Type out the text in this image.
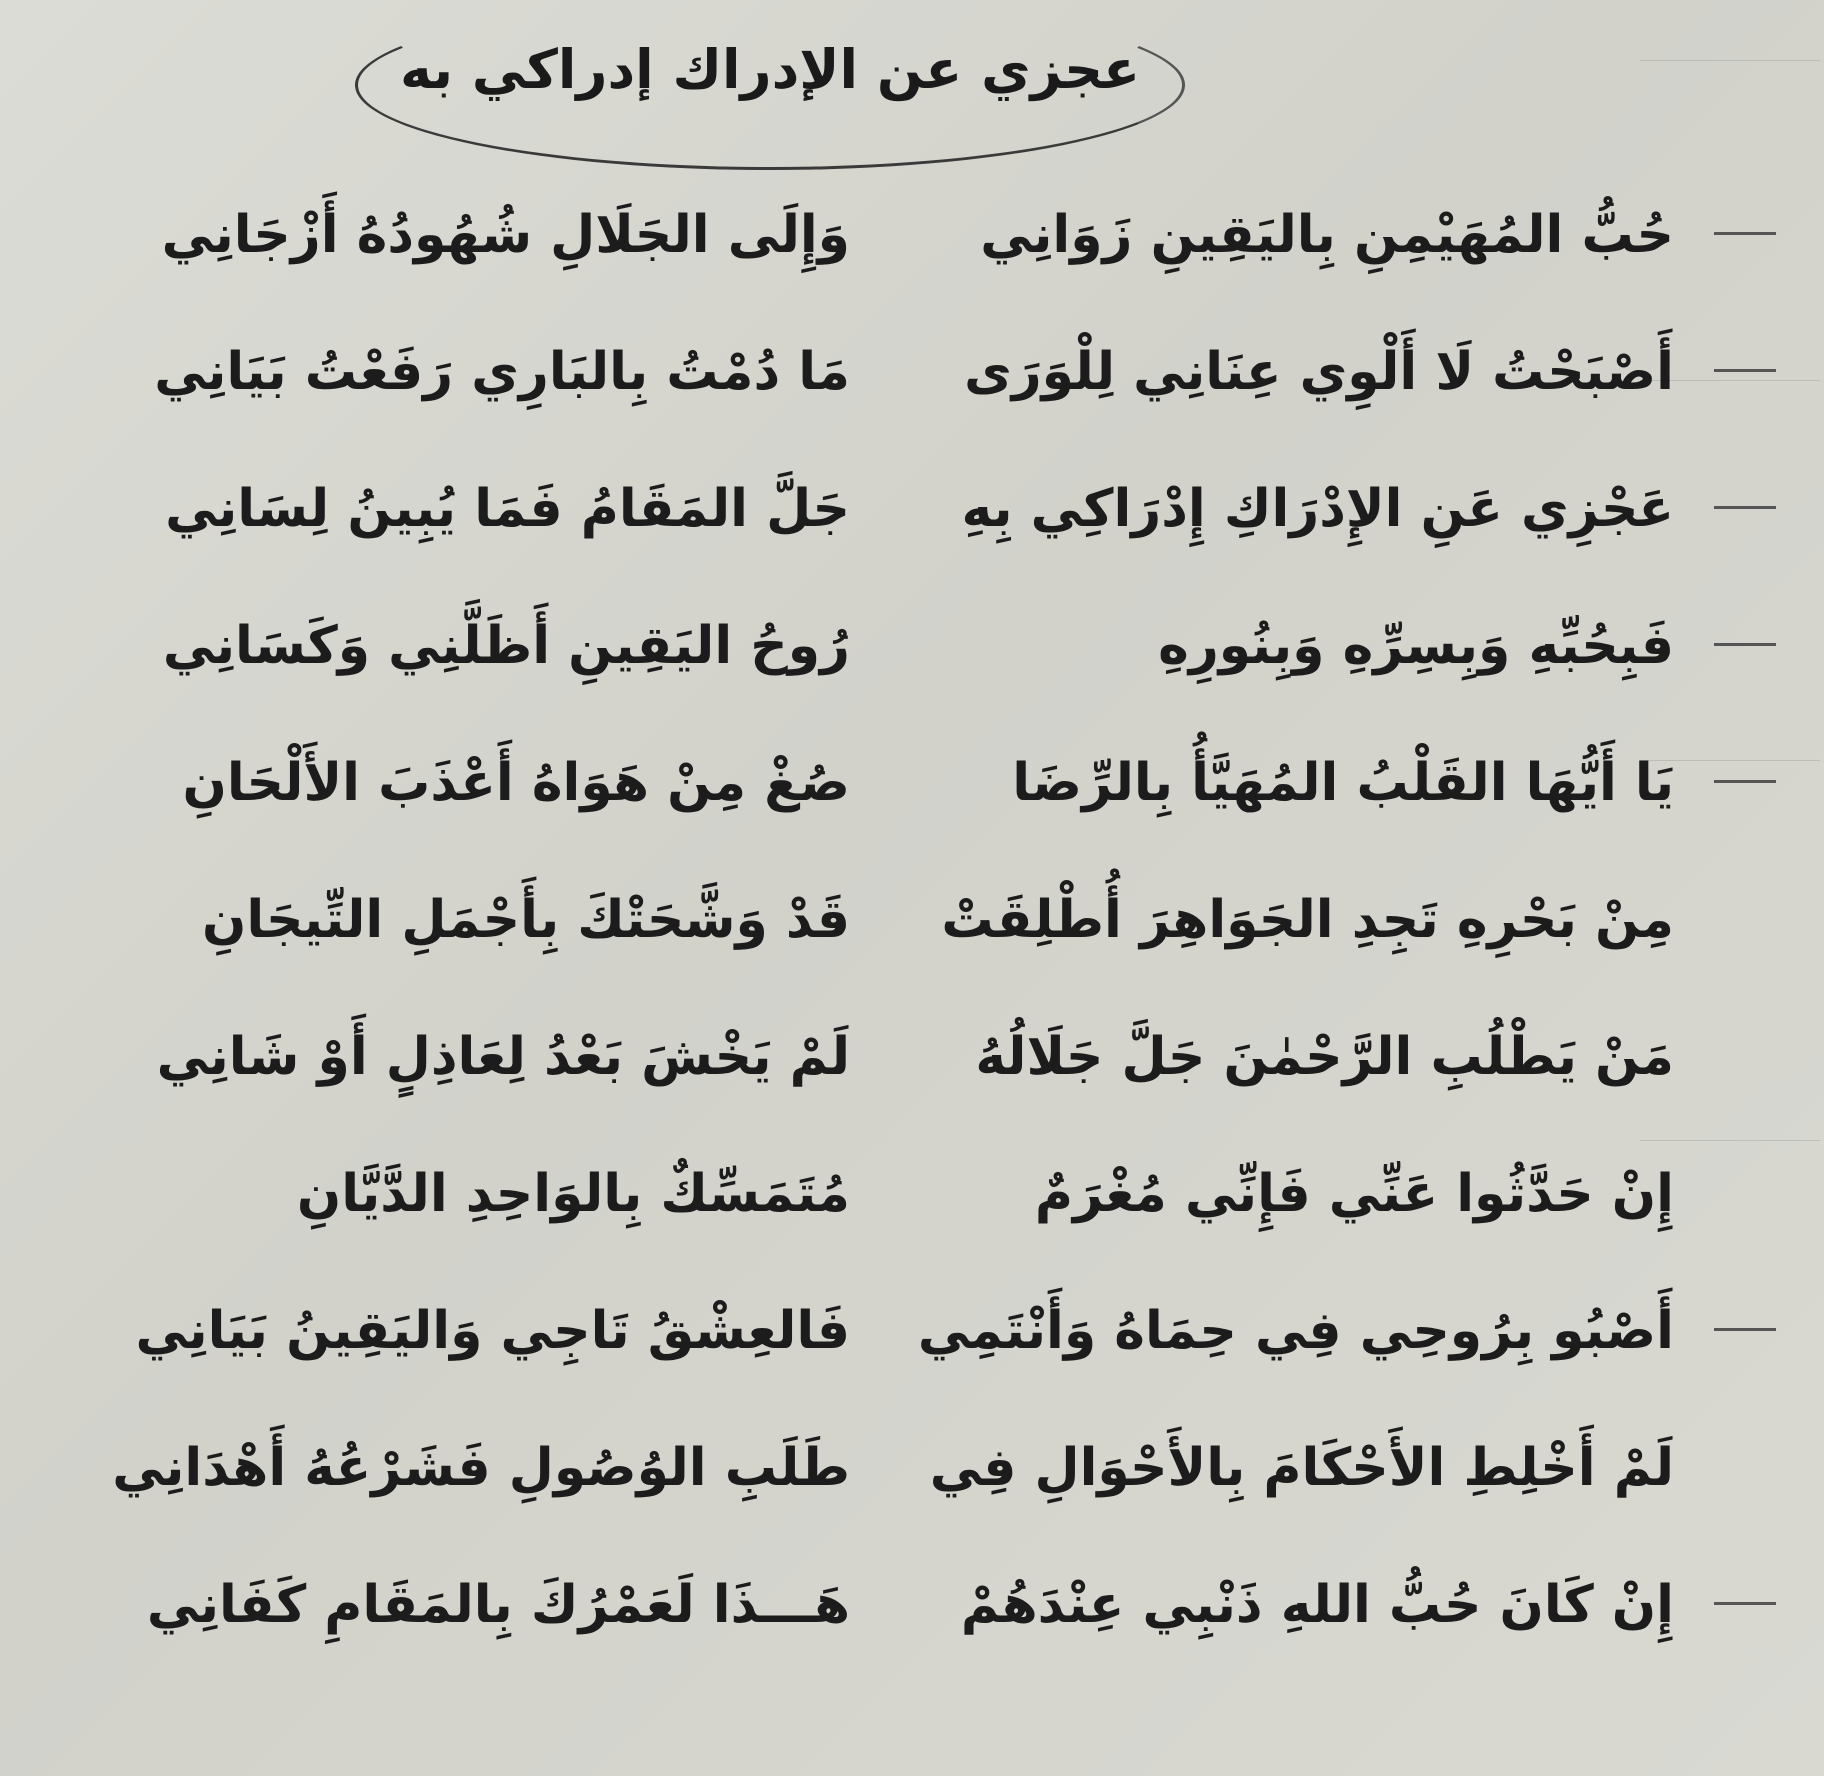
عجزي عن الإدراك إدراكي به
حُبُّ المُهَيْمِنِ بِاليَقِينِ زَوَانِي
وَإِلَى الجَلَالِ شُهُودُهُ أَزْجَانِي
أَصْبَحْتُ لَا أَلْوِي عِنَانِي لِلْوَرَى
مَا دُمْتُ بِالبَارِي رَفَعْتُ بَيَانِي
عَجْزِي عَنِ الإِدْرَاكِ إِدْرَاكِي بِهِ
جَلَّ المَقَامُ فَمَا يُبِينُ لِسَانِي
فَبِحُبِّهِ وَبِسِرِّهِ وَبِنُورِهِ
رُوحُ اليَقِينِ أَظَلَّنِي وَكَسَانِي
يَا أَيُّهَا القَلْبُ المُهَيَّأُ بِالرِّضَا
صُغْ مِنْ هَوَاهُ أَعْذَبَ الأَلْحَانِ
مِنْ بَحْرِهِ تَجِدِ الجَوَاهِرَ أُطْلِقَتْ
قَدْ وَشَّحَتْكَ بِأَجْمَلِ التِّيجَانِ
مَنْ يَطْلُبِ الرَّحْمٰنَ جَلَّ جَلَالُهُ
لَمْ يَخْشَ بَعْدُ لِعَاذِلٍ أَوْ شَانِي
إِنْ حَدَّثُوا عَنِّي فَإِنِّي مُغْرَمٌ
مُتَمَسِّكٌ بِالوَاحِدِ الدَّيَّانِ
أَصْبُو بِرُوحِي فِي حِمَاهُ وَأَنْتَمِي
فَالعِشْقُ تَاجِي وَاليَقِينُ بَيَانِي
لَمْ أَخْلِطِ الأَحْكَامَ بِالأَحْوَالِ فِي
طَلَبِ الوُصُولِ فَشَرْعُهُ أَهْدَانِي
إِنْ كَانَ حُبُّ اللهِ ذَنْبِي عِنْدَهُمْ
هَـــذَا لَعَمْرُكَ بِالمَقَامِ كَفَانِي
